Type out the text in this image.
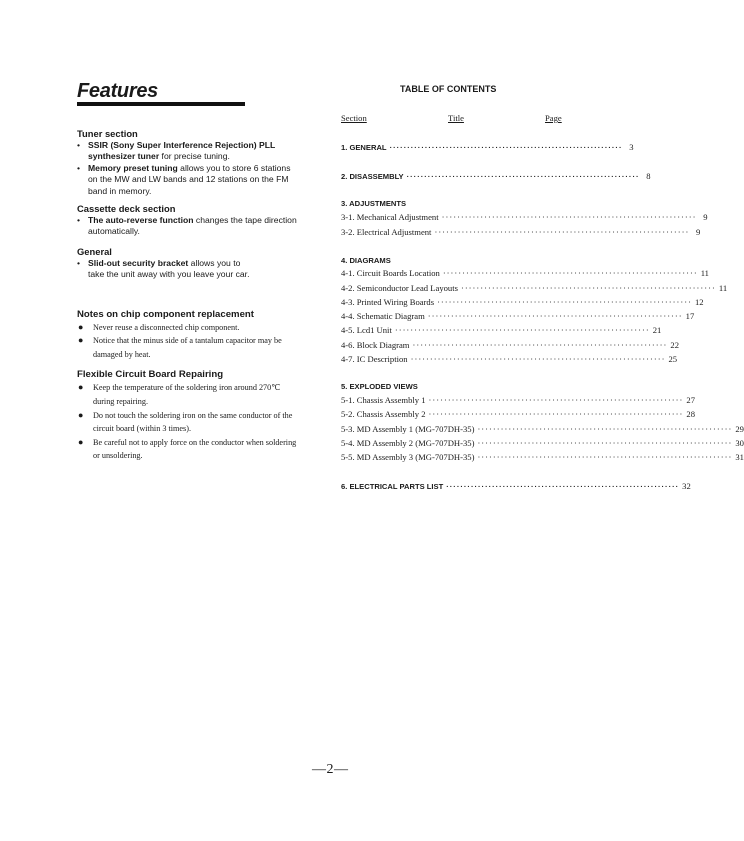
Features

Tuner section

• SSIR (Sony Super Interference Rejection) PLL synthesizer tuner for precise tuning.
• Memory preset tuning allows you to store 6 stations on the MW and LW bands and 12 stations on the FM band in memory.

Cassette deck section

• The auto-reverse function changes the tape direction automatically.

General

• Slid-out security bracket allows you to take the unit away with you leave your car.

Notes on chip component replacement

● Never reuse a disconnected chip component.
● Notice that the minus side of a tantalum capacitor may be damaged by heat.

Flexible Circuit Board Repairing

● Keep the temperature of the soldering iron around 270℃ during repairing.
● Do not touch the soldering iron on the same conductor of the circuit board (within 3 times).
● Be careful not to apply force on the conductor when soldering or unsoldering.
TABLE OF CONTENTS
Section	Title	Page
1. GENERAL ·································································· 3
2. DISASSEMBLY ·································································· 8
3. ADJUSTMENTS
3-1. Mechanical Adjustment ·································································· 9
3-2. Electrical Adjustment ·································································· 9
4. DIAGRAMS
4-1. Circuit Boards Location ·································································· 11
4-2. Semiconductor Lead Layouts ·································································· 11
4-3. Printed Wiring Boards ·································································· 12
4-4. Schematic Diagram ·································································· 17
4-5. Lcd1 Unit ·································································· 21
4-6. Block Diagram ·································································· 22
4-7. IC Description ·································································· 25
5. EXPLODED VIEWS
5-1. Chassis Assembly 1 ·································································· 27
5-2. Chassis Assembly 2 ·································································· 28
5-3. MD Assembly 1 (MG-707DH-35) ·································································· 29
5-4. MD Assembly 2 (MG-707DH-35) ·································································· 30
5-5. MD Assembly 3 (MG-707DH-35) ·································································· 31
6. ELECTRICAL PARTS LIST ·································································· 32
—2—
